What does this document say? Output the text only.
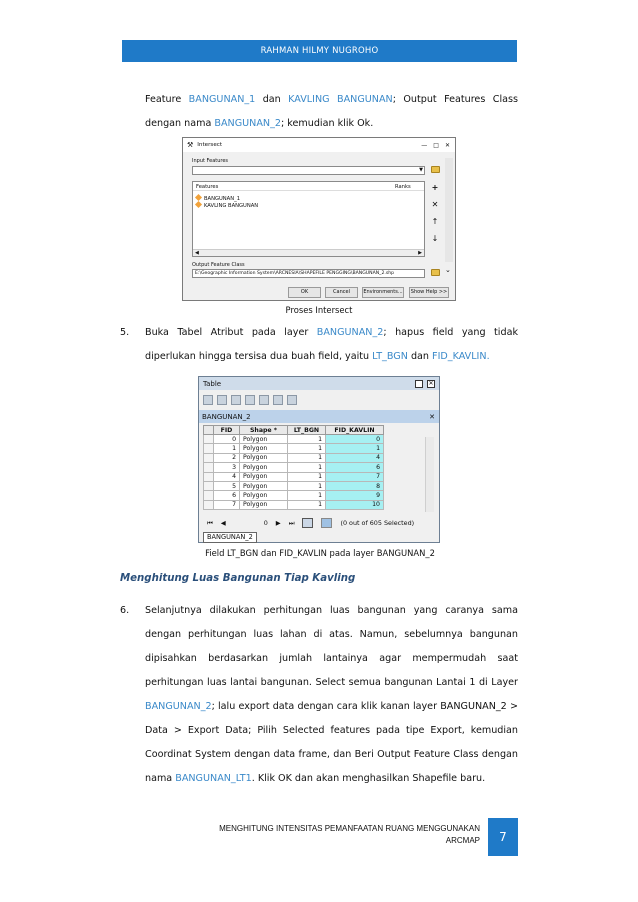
RAHMAN HILMY NUGROHO
Feature BANGUNAN_1 dan KAVLING BANGUNAN; Output Features Class dengan nama BANGUNAN_2; kemudian klik Ok.
⚒ Intersect	— □ ✕
Input Features
▼
Features	Ranks
BANGUNAN_1
KAVLING BANGUNAN
◀	▶
+
✕
↑
↓
Output Feature Class
E:\Geographic Information System\ARCNESIA\SHAPEFILE PENGGING\BANGUNAN_2.shp	⌄
OK	Cancel	Environments...	Show Help >>
Proses Intersect
5. Buka Tabel Atribut pada layer BANGUNAN_2; hapus field yang tidak diperlukan hingga tersisa dua buah field, yaitu LT_BGN dan FID_KAVLIN.
Table	✕
BANGUNAN_2	✕
	FID	Shape *	LT_BGN	FID_KAVLIN
	0	Polygon	1	0
	1	Polygon	1	1
	2	Polygon	1	4
	3	Polygon	1	6
	4	Polygon	1	7
	5	Polygon	1	8
	6	Polygon	1	9
	7	Polygon	1	10
⏮ ◀	0 ▶ ⏭	(0 out of 605 Selected)
BANGUNAN_2
Field LT_BGN dan FID_KAVLIN pada layer BANGUNAN_2
Menghitung Luas Bangunan Tiap Kavling
6. Selanjutnya dilakukan perhitungan luas bangunan yang caranya sama dengan perhitungan luas lahan di atas. Namun, sebelumnya bangunan dipisahkan berdasarkan jumlah lantainya agar mempermudah saat perhitungan luas lantai bangunan. Select semua bangunan Lantai 1 di Layer BANGUNAN_2; lalu export data dengan cara klik kanan layer BANGUNAN_2 > Data > Export Data; Pilih Selected features pada tipe Export, kemudian Coordinat System dengan data frame, dan Beri Output Feature Class dengan nama BANGUNAN_LT1. Klik OK dan akan menghasilkan Shapefile baru.
MENGHITUNG INTENSITAS PEMANFAATAN RUANG MENGGUNAKAN
ARCMAP	7
